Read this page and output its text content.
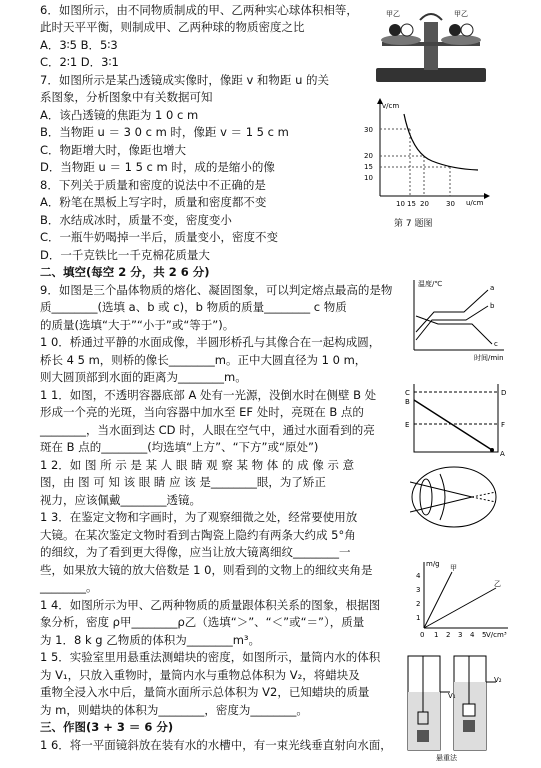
6．如图所示，由不同物质制成的甲、乙两种实心球体积相等，
此时天平平衡，则制成甲、乙两种球的物质密度之比
A．3∶5 B．5∶3
C．2∶1 D．3∶1
7．如图所示是某凸透镜成实像时，像距 v 和物距 u 的关
系图象，分析图象中有关数据可知
A．该凸透镜的焦距为 1 0 c m
B．当物距 u ＝ 3 0 c m 时，像距 v ＝ 1 5 c m
C．物距增大时，像距也增大
D．当物距 u ＝ 1 5 c m 时，成的是缩小的像
8．下列关于质量和密度的说法中不正确的是
A．粉笔在黑板上写字时，质量和密度都不变
B．水结成冰时，质量不变，密度变小
C．一瓶牛奶喝掉一半后，质量变小，密度不变
D．一千克铁比一千克棉花质量大
二、填空(每空 2 分，共 2 6 分)
9．如图是三个晶体物质的熔化、凝固图象，可以判定熔点最高的是物
质________(选填 a、b 或 c)，b 物质的质量________ c 物质
的质量(选填“大于”“小于”或“等于”)。
1 0．桥通过平静的水面成像，半圆形桥孔与其像合在一起构成圆，
桥长 4 5 m，则桥的像长________m。正中大圆直径为 1 0 m，
则大圆顶部到水面的距离为________m。
1 1．如图，不透明容器底部 A 处有一光源，没倒水时在侧壁 B 处
形成一个亮的光斑，当向容器中加水至 EF 处时，亮斑在 B 点的
________，当水面到达 CD 时，人眼在空气中，通过水面看到的亮
斑在 B 点的________(均选填“上方”、“下方”或“原处”)
1 2．如 图 所 示 是 某 人 眼 睛 观 察 某 物 体 的 成 像 示 意
图，由 图 可 知 该 眼 睛 应 该 是________眼，为了矫正
视力，应该佩戴________透镜。
1 3．在鉴定文物和字画时，为了观察细微之处，经常要使用放
大镜。在某次鉴定文物时看到古陶瓷上隐约有两条大约成 5°角
的细纹，为了看到更大得像，应当让放大镜离细纹________一
些，如果放大镜的放大倍数是 1 0，则看到的文物上的细纹夹角是
________。
1 4．如图所示为甲、乙两种物质的质量跟体积关系的图象，根据图
象分析，密度 ρ甲________ρ乙（选填“＞”、“＜”或“＝”），质量
为 1．8 k g 乙物质的体积为________m³。
1 5．实验室里用悬重法测蜡块的密度，如图所示，量筒内水的体积
为 V₁，只放入重物时，量筒内水与重物总体积为 V₂，将蜡块及
重物全浸入水中后，量筒水面所示总体积为 V2，已知蜡块的质量
为 m，则蜡块的体积为________，密度为________。
三、作图(3 + 3 ＝ 6 分)
1 6．将一平面镜斜放在装有水的水槽中，有一束光线垂直射向水面，
甲乙	甲乙
v/cm
u/cm
30
20
15
10
10 15 20 30
第 7 题图
温度/℃
时间/min
a
b
c
C
B
E
A
D
F
m/g
V/cm³
4
3
2
1
0 1 2 3 4 5
甲
乙
V₂
V₁
悬重法
